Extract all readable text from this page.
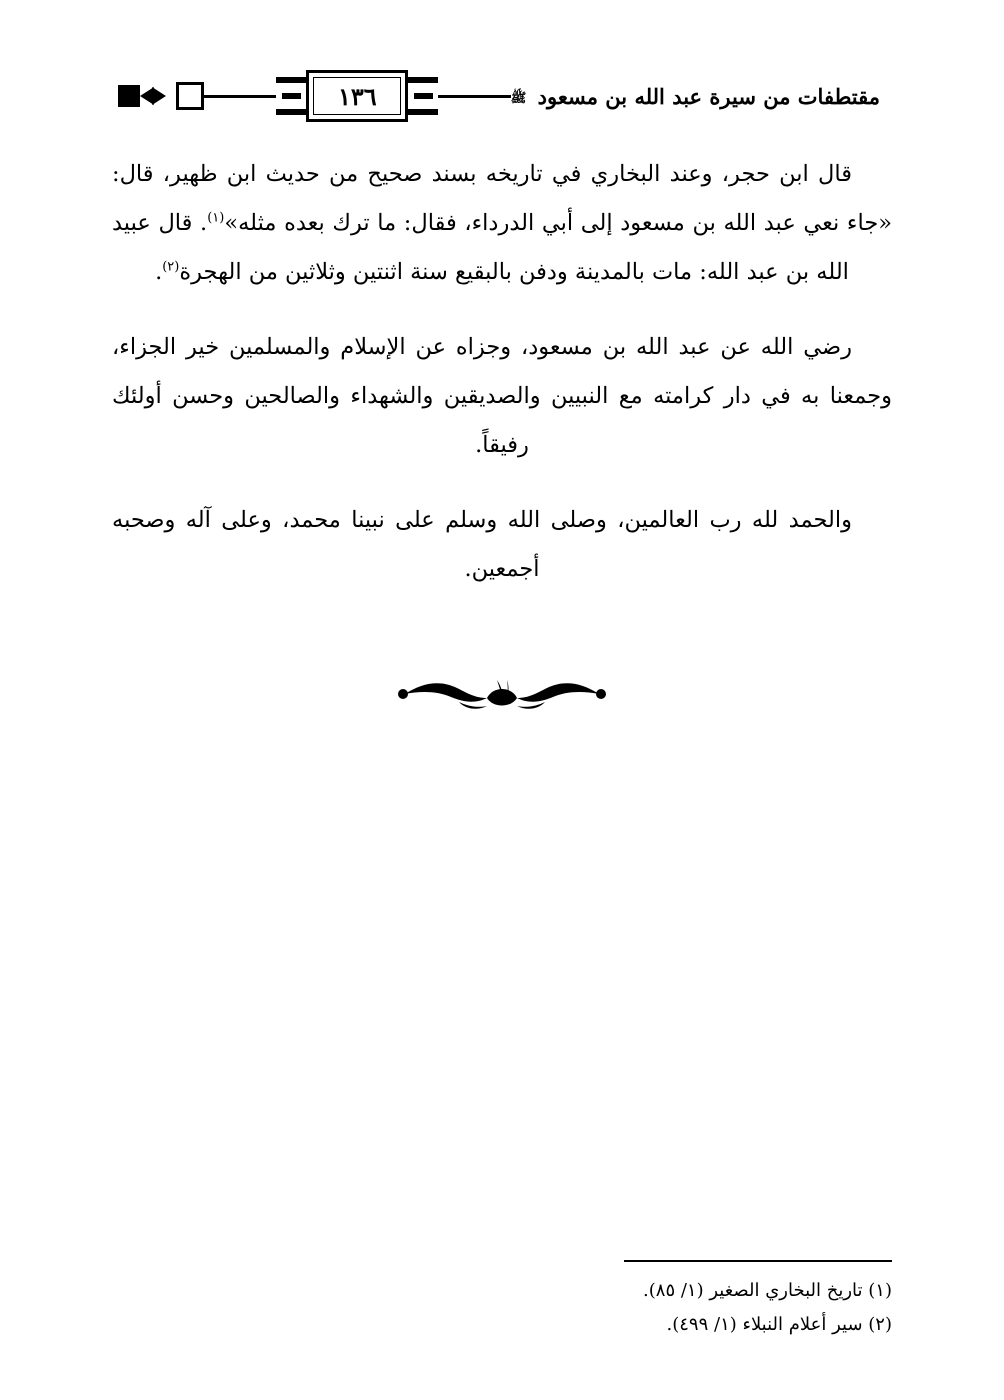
مقتطفات من سيرة عبد الله بن مسعود ﷺ
١٣٦

قال ابن حجر، وعند البخاري في تاريخه بسند صحيح من حديث ابن ظهير، قال: «جاء نعي عبد الله بن مسعود إلى أبي الدرداء، فقال: ما ترك بعده مثله»$^{(١)}$. قال عبيد الله بن عبد الله: مات بالمدينة ودفن بالبقيع سنة اثنتين وثلاثين من الهجرة$^{(٢)}$.

رضي الله عن عبد الله بن مسعود، وجزاه عن الإسلام والمسلمين خير الجزاء، وجمعنا به في دار كرامته مع النبيين والصديقين والشهداء والصالحين وحسن أولئك رفيقاً.

والحمد لله رب العالمين، وصلى الله وسلم على نبينا محمد، وعلى آله وصحبه أجمعين.

(١) تاريخ البخاري الصغير (١/ ٨٥).
(٢) سير أعلام النبلاء (١/ ٤٩٩).
